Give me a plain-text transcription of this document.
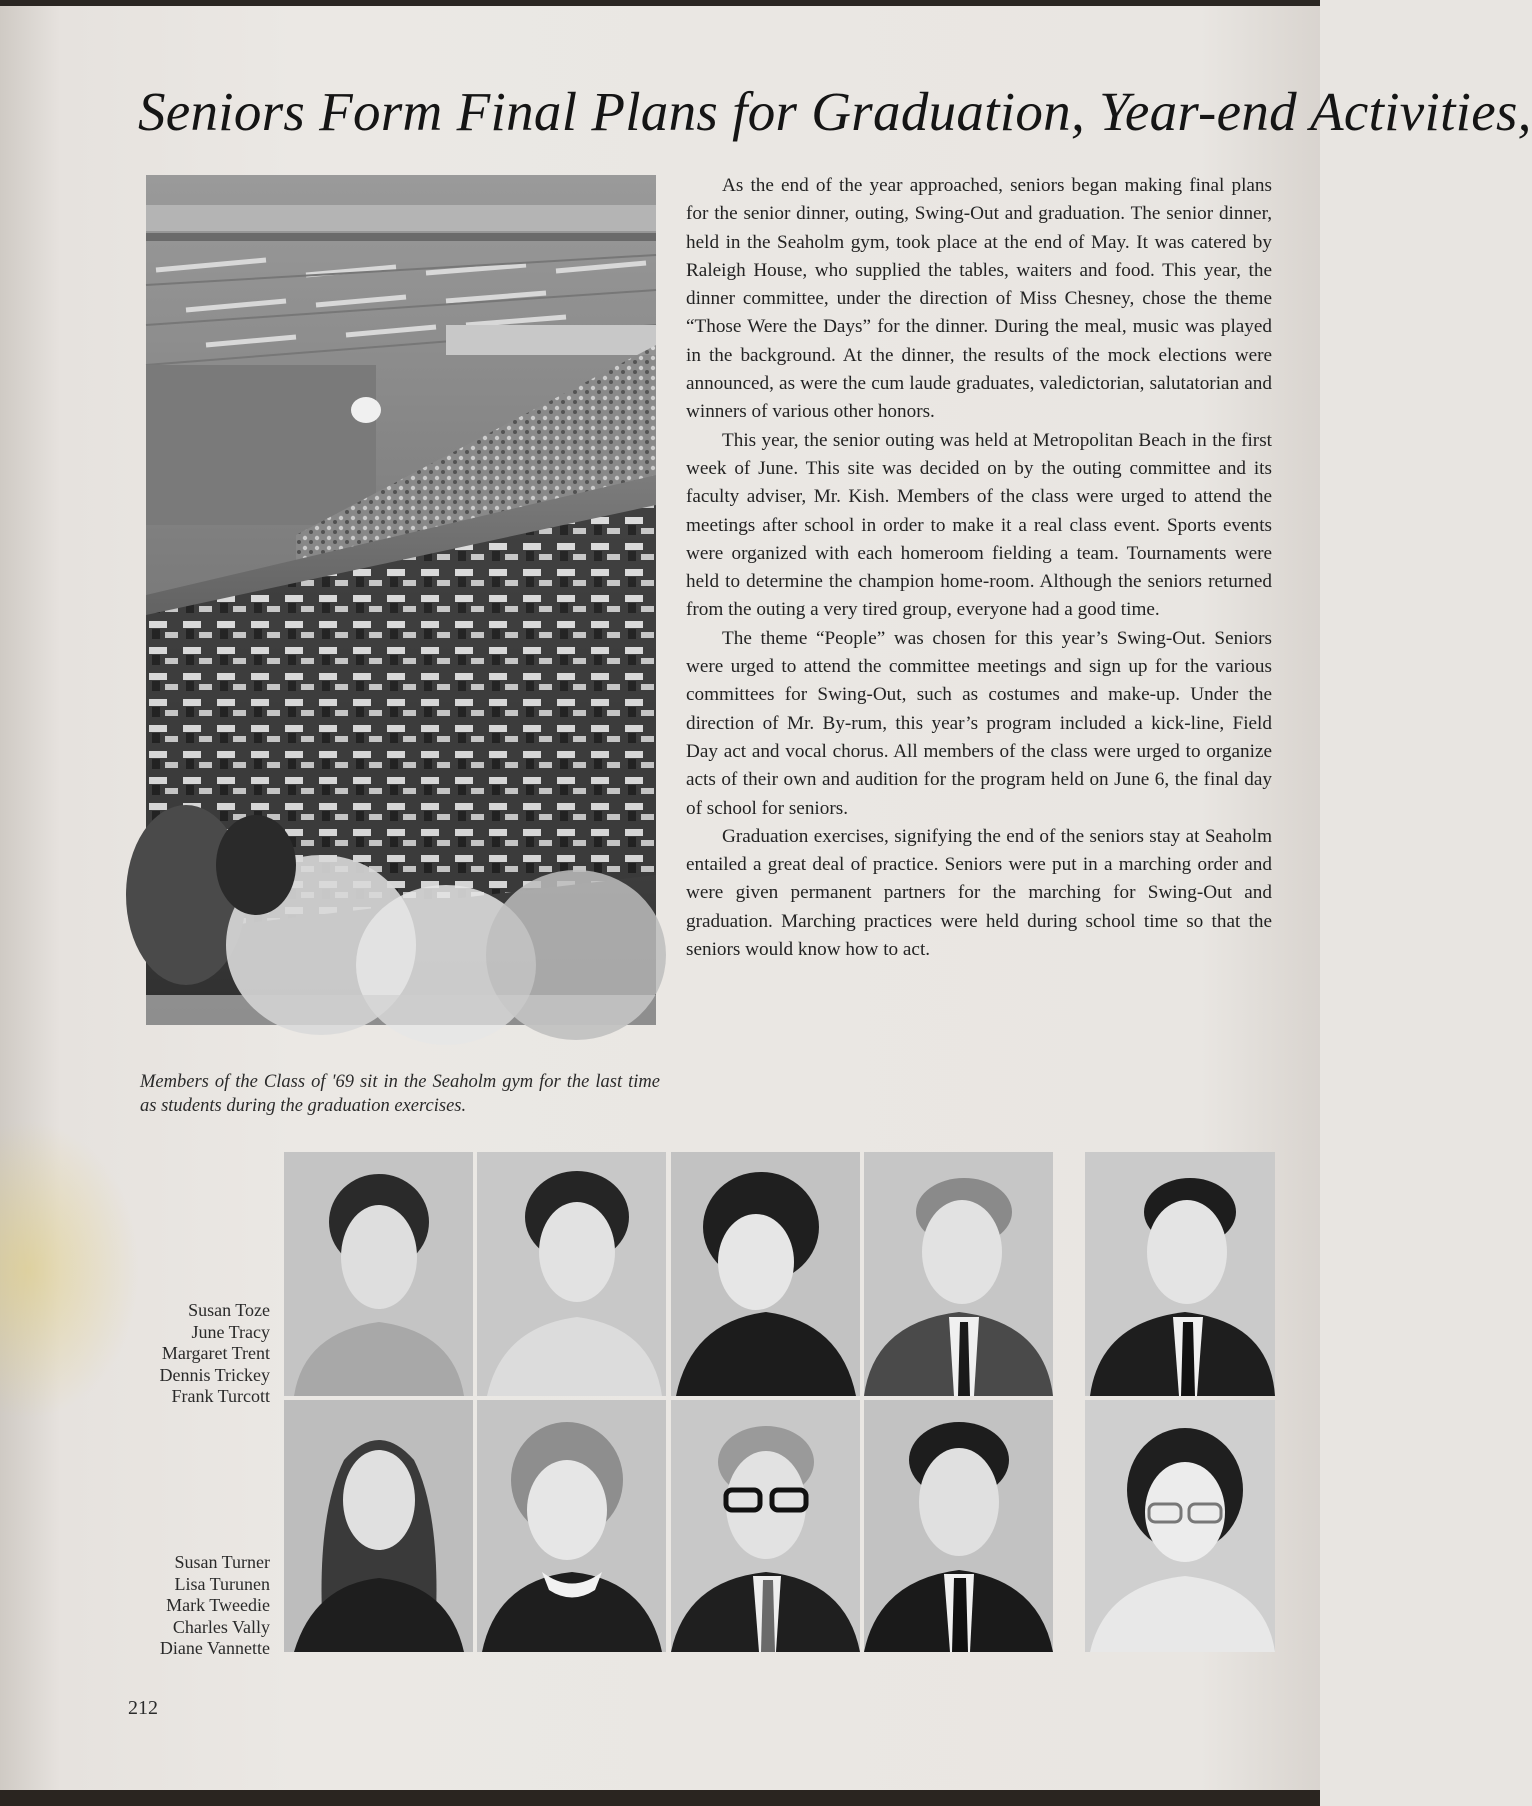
Seniors Form Final Plans for Graduation, Year-end Activities,
Members of the Class of '69 sit in the Seaholm gym for the last time as students during the graduation exercises.

As the end of the year approached, seniors began making final plans for the senior dinner, outing, Swing-Out and graduation. The senior dinner, held in the Seaholm gym, took place at the end of May. It was catered by Raleigh House, who supplied the tables, waiters and food. This year, the dinner committee, under the direction of Miss Chesney, chose the theme “Those Were the Days” for the dinner. During the meal, music was played in the background. At the dinner, the results of the mock elections were announced, as were the cum laude graduates, valedictorian, salutatorian and winners of various other honors.

This year, the senior outing was held at Metropolitan Beach in the first week of June. This site was decided on by the outing committee and its faculty adviser, Mr. Kish. Members of the class were urged to attend the meetings after school in order to make it a real class event. Sports events were organized with each homeroom fielding a team. Tournaments were held to determine the champion home-room. Although the seniors returned from the outing a very tired group, everyone had a good time.

The theme “People” was chosen for this year’s Swing-Out. Seniors were urged to attend the committee meetings and sign up for the various committees for Swing-Out, such as costumes and make-up. Under the direction of Mr. By-rum, this year’s program included a kick-line, Field Day act and vocal chorus. All members of the class were urged to organize acts of their own and audition for the program held on June 6, the final day of school for seniors.

Graduation exercises, signifying the end of the seniors stay at Seaholm entailed a great deal of practice. Seniors were put in a marching order and were given permanent partners for the marching for Swing-Out and graduation. Marching practices were held during school time so that the seniors would know how to act.

Susan Toze
June Tracy
Margaret Trent
Dennis Trickey
Frank Turcott
Susan Turner
Lisa Turunen
Mark Tweedie
Charles Vally
Diane Vannette
212
